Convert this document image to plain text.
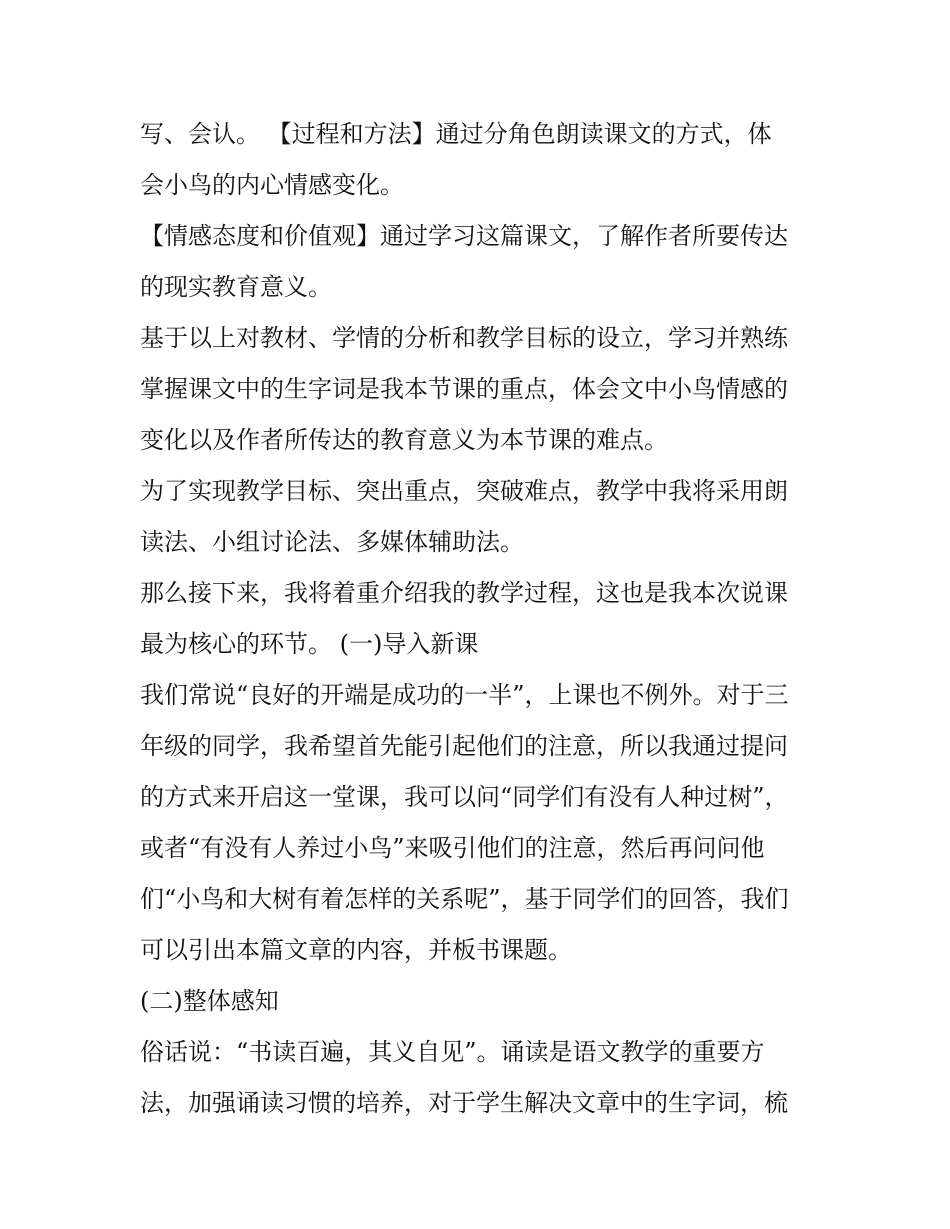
写、会认。 【过程和方法】通过分角色朗读课文的方式，体
会小鸟的内心情感变化。
【情感态度和价值观】通过学习这篇课文，了解作者所要传达
的现实教育意义。
基于以上对教材、学情的分析和教学目标的设立，学习并熟练
掌握课文中的生字词是我本节课的重点，体会文中小鸟情感的
变化以及作者所传达的教育意义为本节课的难点。
为了实现教学目标、突出重点，突破难点，教学中我将采用朗
读法、小组讨论法、多媒体辅助法。
那么接下来，我将着重介绍我的教学过程，这也是我本次说课
最为核心的环节。 (一)导入新课
我们常说“良好的开端是成功的一半”，上课也不例外。对于三
年级的同学，我希望首先能引起他们的注意，所以我通过提问
的方式来开启这一堂课，我可以问“同学们有没有人种过树”，
或者“有没有人养过小鸟”来吸引他们的注意，然后再问问他
们“小鸟和大树有着怎样的关系呢”，基于同学们的回答，我们
可以引出本篇文章的内容，并板书课题。
(二)整体感知
俗话说：“书读百遍，其义自见”。诵读是语文教学的重要方
法，加强诵读习惯的培养，对于学生解决文章中的生字词，梳
